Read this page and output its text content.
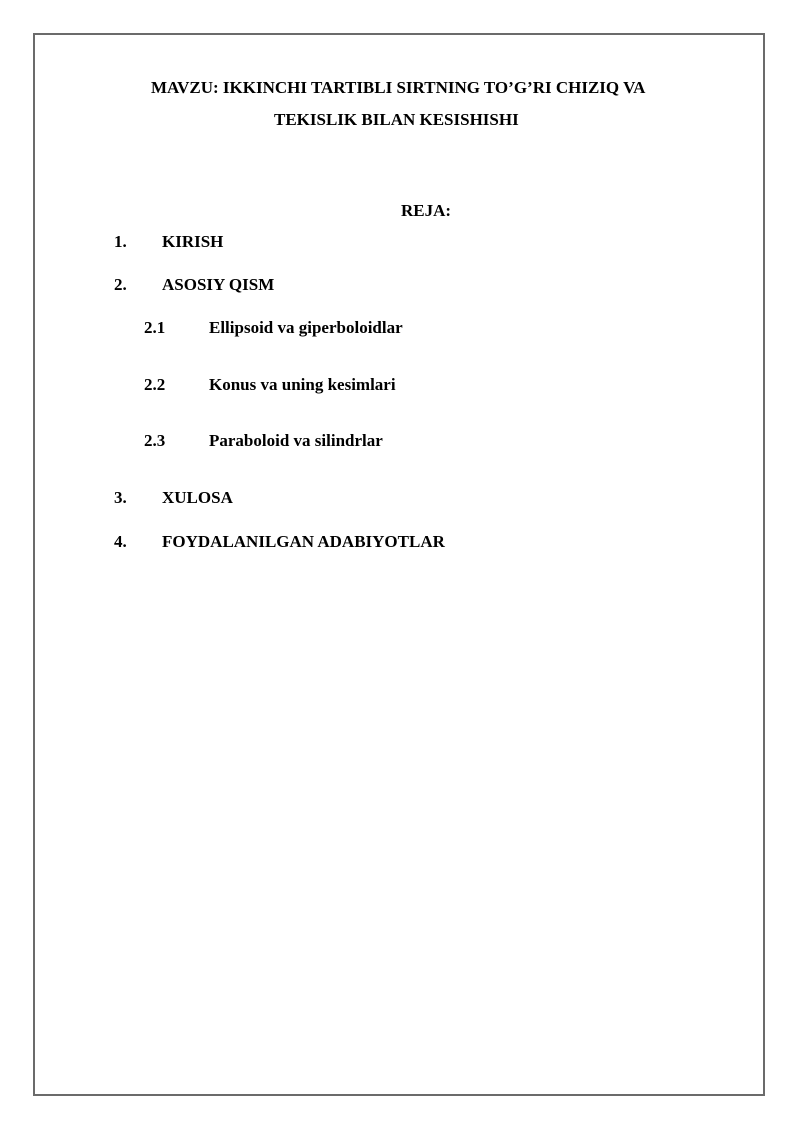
MAVZU: IKKINCHI TARTIBLI SIRTNING TO’G’RI CHIZIQ VA
TEKISLIK BILAN KESISHISHI
REJA:
1. KIRISH
2. ASOSIY QISM
2.1	Ellipsoid va giperboloidlar
2.2	Konus va uning kesimlari
2.3	Paraboloid va silindrlar
3. XULOSA
4. FOYDALANILGAN ADABIYOTLAR
